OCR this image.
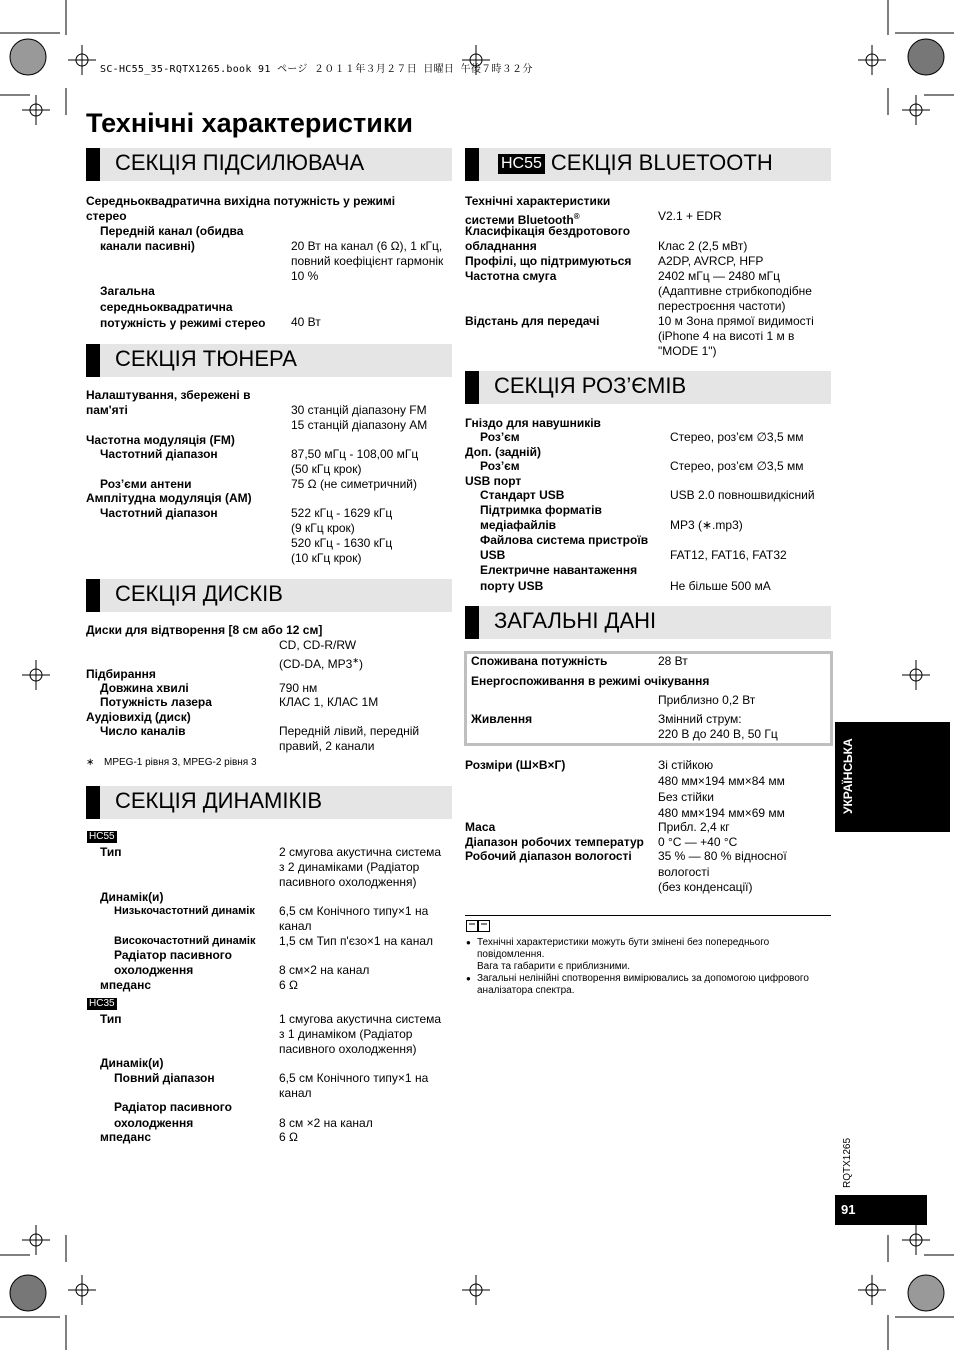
SC-HC55_35-RQTX1265.book 91 ページ ２０１１年３月２７日 日曜日 午後７時３２分
Технічні характеристики
СЕКЦІЯ ПІДСИЛЮВАЧА
Середньоквадратична вихідна потужність у режимі
стерео
Передній канал (обидва
канали пасивні)	20 Вт на канал (6 Ω), 1 кГц,
повний коефіцієнт гармонік
10 %
Загальна
середньоквадратична
потужність у режимі стерео 40 Вт
СЕКЦІЯ ТЮНЕРА
Налаштування, збережені в
пам'яті	30 станцій діапазону FM
15 станцій діапазону AM
Частотна модуляція (FM)
Частотний діапазон	87,50 мГц - 108,00 мГц
(50 кГц крок)
Роз’єми антени	75 Ω (не симетричний)
Амплітудна модуляція (AM)
Частотний діапазон	522 кГц - 1629 кГц
(9 кГц крок)
520 кГц - 1630 кГц
(10 кГц крок)
СЕКЦІЯ ДИСКІВ
Диски для відтворення [8 см або 12 см]
CD, CD-R/RW
(CD-DA, MP3∗)
Підбирання
Довжина хвилі	790 нм
Потужність лазера	КЛАС 1, КЛАС 1M
Аудіовихід (диск)
Число каналів	Передній лівий, передній
правий, 2 канали
∗ MPEG-1 рівня 3, MPEG-2 рівня 3
СЕКЦІЯ ДИНАМІКІВ
HC55
Тип	2 смугова акустична система
з 2 динаміками (Радіатор
пасивного охолодження)
Динамік(и)
Низькочастотний динамік 6,5 см Конічного типу×1 на
канал
Високочастотний динамік 1,5 см Тип п'єзо×1 на канал
Радіатор пасивного
охолодження	8 см×2 на канал
мпеданс	6 Ω
HC35
Тип	1 смугова акустична система
з 1 динаміком (Радіатор
пасивного охолодження)
Динамік(и)
Повний діапазон	6,5 см Конічного типу×1 на
канал
Радіатор пасивного
охолодження	8 см ×2 на канал
мпеданс	6 Ω
HC55 СЕКЦІЯ BLUETOOTH
Технічні характеристики
системи Bluetooth®	V2.1 + EDR
Класифікація бездротового
обладнання	Клас 2 (2,5 мВт)
Профілі, що підтримуються A2DP, AVRCP, HFP
Частотна смуга	2402 мГц — 2480 мГц
(Адаптивне стрибкоподібне
перестроєння частоти)
Відстань для передачі	10 м Зона прямої видимості
(iPhone 4 на висоті 1 м в
"MODE 1")
СЕКЦІЯ РОЗ’ЄМІВ
Гніздо для навушників
Роз’єм	Стерео, роз’єм ∅3,5 мм
Доп. (задній)
Роз’єм	Стерео, роз’єм ∅3,5 мм
USB порт
Стандарт USB	USB 2.0 повношвидкісний
Підтримка форматів
медіафайлів	MP3 (∗.mp3)
Файлова система пристроїв
USB	FAT12, FAT16, FAT32
Електричне навантаження
порту USB	Не більше 500 мА
ЗАГАЛЬНІ ДАНІ
Споживана потужність	28 Вт
Енергоспоживання в режимі очікування
Приблизно 0,2 Вт
Живлення	Змінний струм:
220 В до 240 В, 50 Гц
Розміри (Ш×В×Г)	Зі стійкою
480 мм×194 мм×84 мм
Без стійки
480 мм×194 мм×69 мм
Маса	Прибл. 2,4 кг
Діапазон робочих температур 0 °C — +40 °C
Робочий діапазон вологості 35 % — 80 % відносної
вологості
(без конденсації)
● Технічні характеристики можуть бути змінені без попереднього
повідомлення.
Вага та габарити є приблизними.
● Загальні нелінійні спотворення вимірювались за допомогою цифрового
аналізатора спектра.
УКРАЇНСЬКА
RQTX1265
91
